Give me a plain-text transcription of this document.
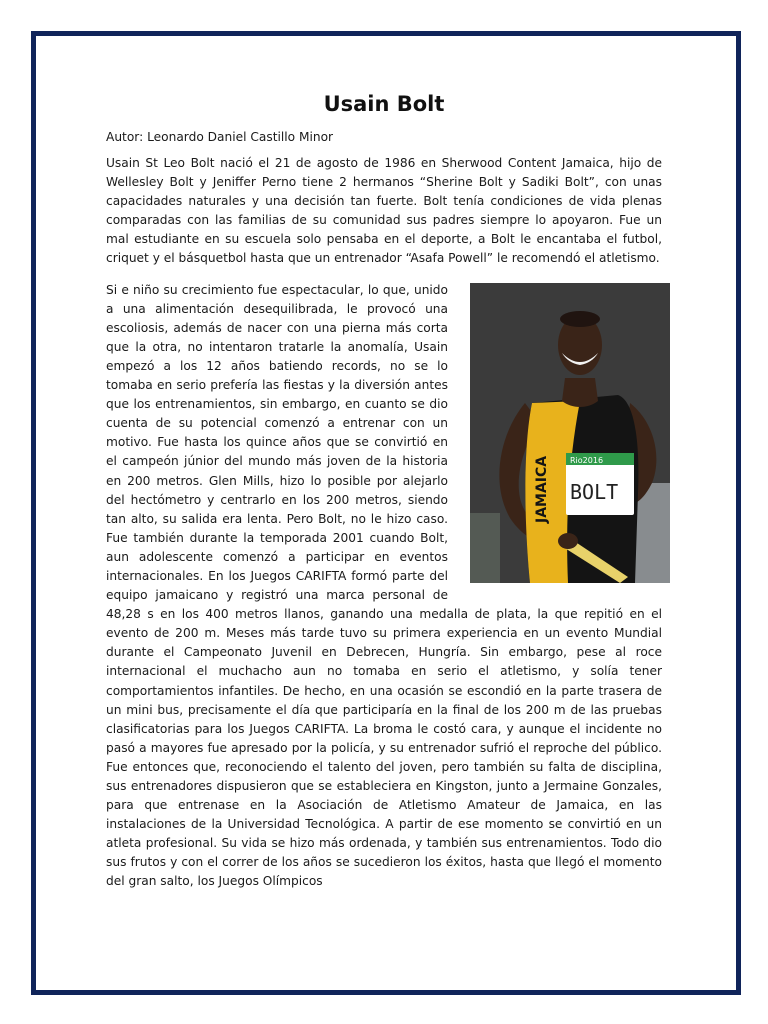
Usain Bolt

Autor: Leonardo Daniel Castillo Minor

Usain St Leo Bolt nació el 21 de agosto de 1986 en Sherwood Content Jamaica, hijo de Wellesley Bolt y Jeniffer Perno tiene 2 hermanos “Sherine Bolt y Sadiki Bolt”, con unas capacidades naturales y una decisión tan fuerte. Bolt tenía condiciones de vida plenas comparadas con las familias de su comunidad sus padres siempre lo apoyaron. Fue un mal estudiante en su escuela solo pensaba en el deporte, a Bolt le encantaba el futbol, criquet y el básquetbol hasta que un entrenador “Asafa Powell” le recomendó el atletismo.

Rio2016
BOLT
JAMAICA
Si e niño su crecimiento fue espectacular, lo que, unido a una alimentación desequilibrada, le provocó una escoliosis, además de nacer con una pierna más corta que la otra, no intentaron tratarle la anomalía, Usain empezó a los 12 años batiendo records, no se lo tomaba en serio prefería las fiestas y la diversión antes que los entrenamientos, sin embargo, en cuanto se dio cuenta de su potencial comenzó a entrenar con un motivo. Fue hasta los quince años que se convirtió en el campeón júnior del mundo más joven de la historia en 200 metros. Glen Mills, hizo lo posible por alejarlo del hectómetro y centrarlo en los 200 metros, siendo tan alto, su salida era lenta. Pero Bolt, no le hizo caso. Fue también durante la temporada 2001 cuando Bolt, aun adolescente comenzó a participar en eventos internacionales. En los Juegos CARIFTA formó parte del equipo jamaicano y registró una marca personal de 48,28 s en los 400 metros llanos, ganando una medalla de plata, la que repitió en el evento de 200 m. Meses más tarde tuvo su primera experiencia en un evento Mundial durante el Campeonato Juvenil en Debrecen, Hungría. Sin embargo, pese al roce internacional el muchacho aun no tomaba en serio el atletismo, y solía tener comportamientos infantiles. De hecho, en una ocasión se escondió en la parte trasera de un mini bus, precisamente el día que participaría en la final de los 200 m de las pruebas clasificatorias para los Juegos CARIFTA. La broma le costó cara, y aunque el incidente no pasó a mayores fue apresado por la policía, y su entrenador sufrió el reproche del público. Fue entonces que, reconociendo el talento del joven, pero también su falta de disciplina, sus entrenadores dispusieron que se estableciera en Kingston, junto a Jermaine Gonzales, para que entrenase en la Asociación de Atletismo Amateur de Jamaica, en las instalaciones de la Universidad Tecnológica. A partir de ese momento se convirtió en un atleta profesional. Su vida se hizo más ordenada, y también sus entrenamientos. Todo dio sus frutos y con el correr de los años se sucedieron los éxitos, hasta que llegó el momento del gran salto, los Juegos Olímpicos
